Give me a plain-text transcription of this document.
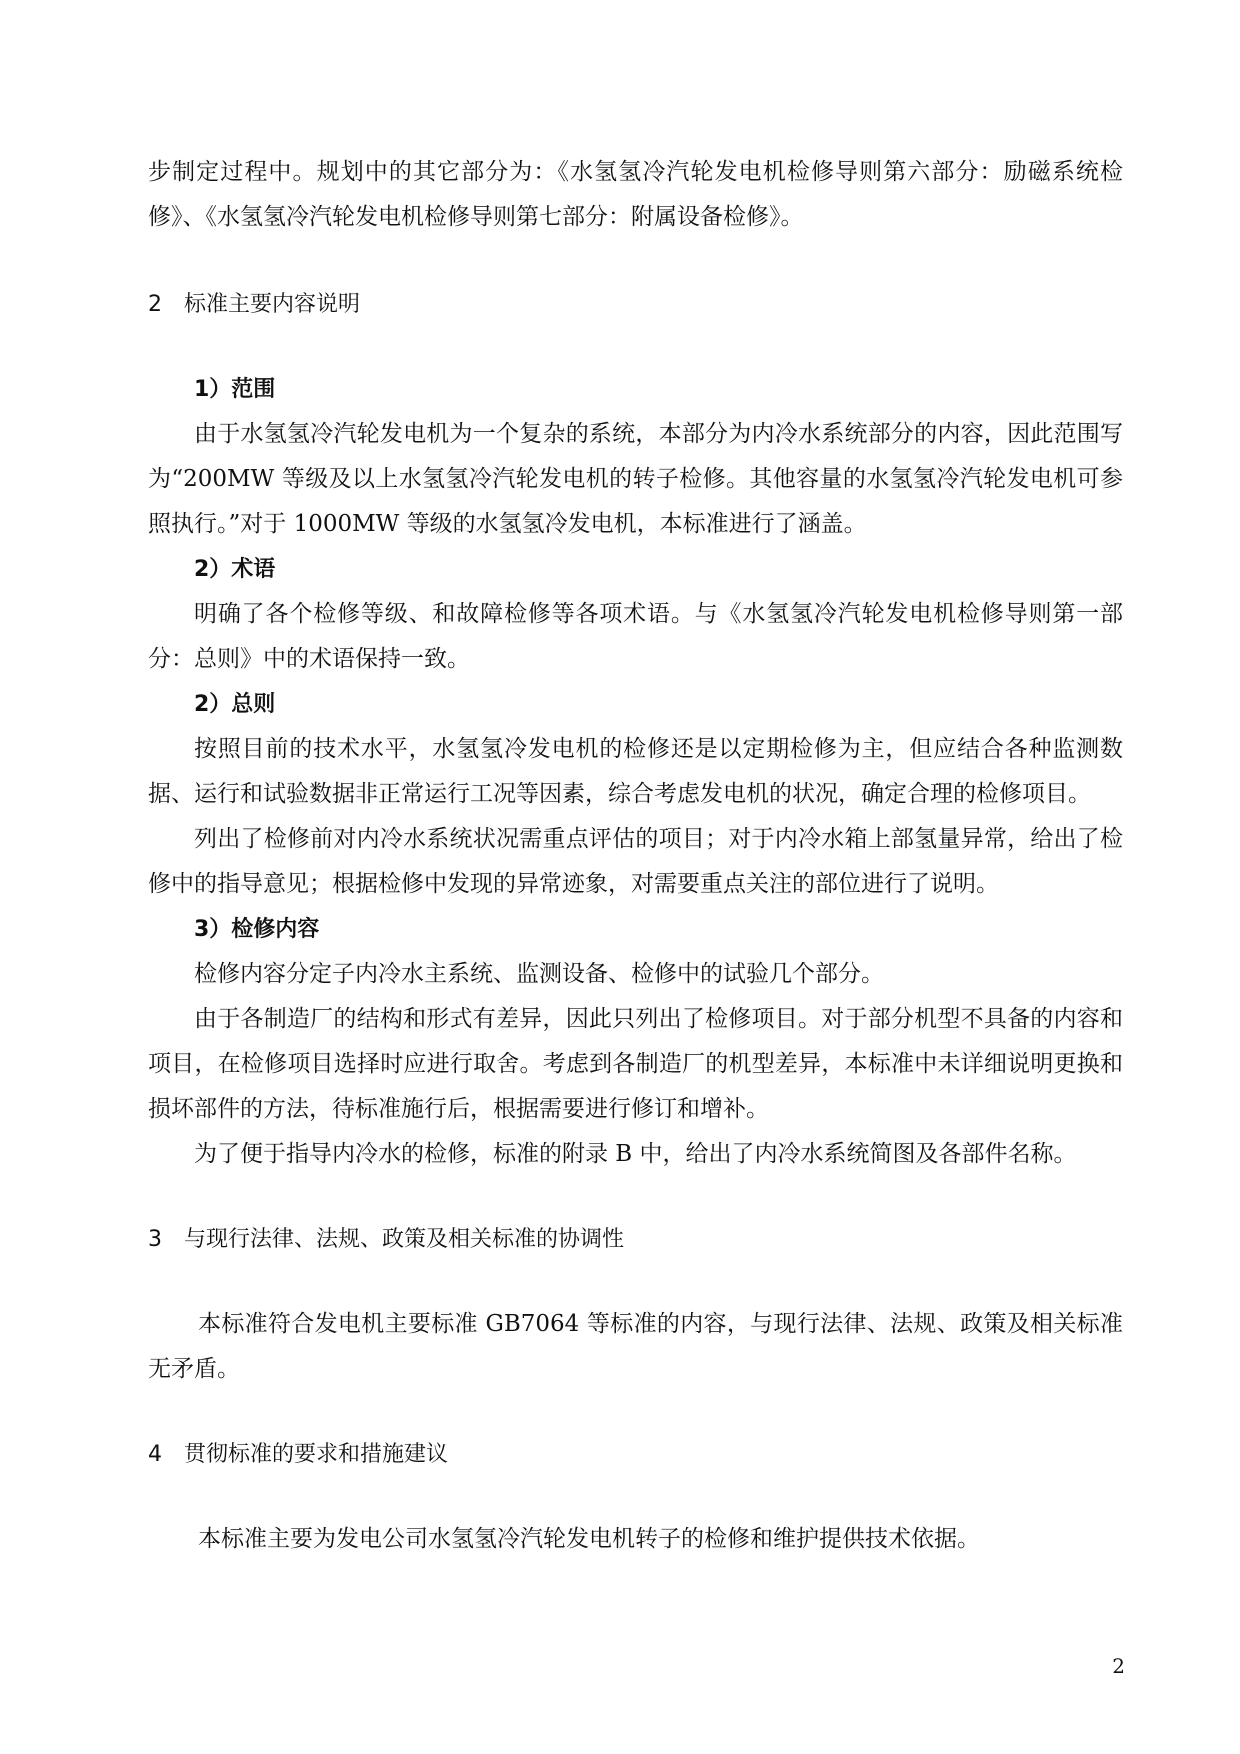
步制定过程中。规划中的其它部分为：《水氢氢冷汽轮发电机检修导则第六部分：励磁系统检修》、《水氢氢冷汽轮发电机检修导则第七部分：附属设备检修》。

2 标准主要内容说明
1）范围

由于水氢氢冷汽轮发电机为一个复杂的系统，本部分为内冷水系统部分的内容，因此范围写为“200MW 等级及以上水氢氢冷汽轮发电机的转子检修。其他容量的水氢氢冷汽轮发电机可参照执行。”对于 1000MW 等级的水氢氢冷发电机，本标准进行了涵盖。

2）术语

明确了各个检修等级、和故障检修等各项术语。与《水氢氢冷汽轮发电机检修导则第一部分：总则》中的术语保持一致。

2）总则

按照目前的技术水平，水氢氢冷发电机的检修还是以定期检修为主，但应结合各种监测数据、运行和试验数据非正常运行工况等因素，综合考虑发电机的状况，确定合理的检修项目。

列出了检修前对内冷水系统状况需重点评估的项目；对于内冷水箱上部氢量异常，给出了检修中的指导意见；根据检修中发现的异常迹象，对需要重点关注的部位进行了说明。

3）检修内容

检修内容分定子内冷水主系统、监测设备、检修中的试验几个部分。

由于各制造厂的结构和形式有差异，因此只列出了检修项目。对于部分机型不具备的内容和项目，在检修项目选择时应进行取舍。考虑到各制造厂的机型差异，本标准中未详细说明更换和损坏部件的方法，待标准施行后，根据需要进行修订和增补。

为了便于指导内冷水的检修，标准的附录 B 中，给出了内冷水系统简图及各部件名称。

3 与现行法律、法规、政策及相关标准的协调性

本标准符合发电机主要标准 GB7064 等标准的内容，与现行法律、法规、政策及相关标准无矛盾。

4 贯彻标准的要求和措施建议

本标准主要为发电公司水氢氢冷汽轮发电机转子的检修和维护提供技术依据。

2
